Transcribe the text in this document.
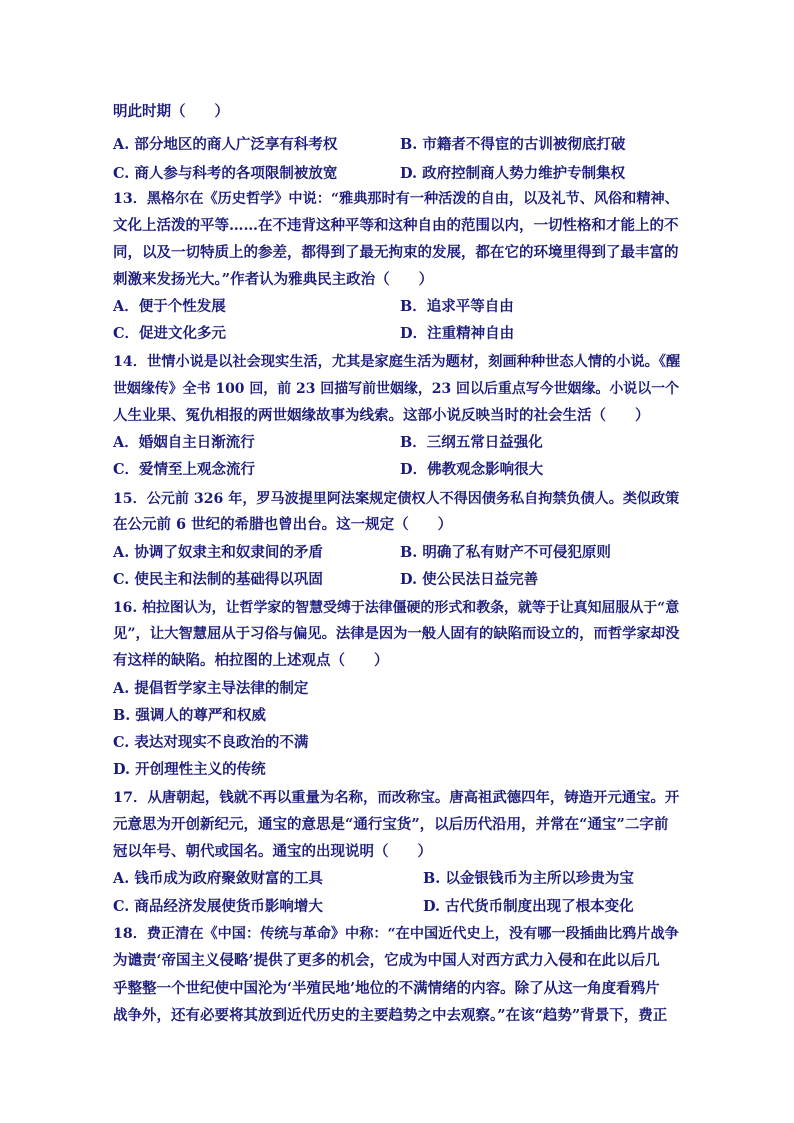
明此时期（　　）
A. 部分地区的商人广泛享有科考权	B. 市籍者不得宦的古训被彻底打破
C. 商人参与科考的各项限制被放宽	D. 政府控制商人势力维护专制集权
13．黑格尔在《历史哲学》中说：“雅典那时有一种活泼的自由，以及礼节、风俗和精神、
文化上活泼的平等……在不违背这种平等和这种自由的范围以内，一切性格和才能上的不
同，以及一切特质上的参差，都得到了最无拘束的发展，都在它的环境里得到了最丰富的
刺激来发扬光大。”作者认为雅典民主政治（　　）
A．便于个性发展	B．追求平等自由
C．促进文化多元	D．注重精神自由
14．世情小说是以社会现实生活，尤其是家庭生活为题材，刻画种种世态人情的小说。《醒
世姻缘传》全书 100 回，前 23 回描写前世姻缘，23 回以后重点写今世姻缘。小说以一个
人生业果、冤仇相报的两世姻缘故事为线索。这部小说反映当时的社会生活（　　）
A．婚姻自主日渐流行	B．三纲五常日益强化
C．爱情至上观念流行	D．佛教观念影响很大
15．公元前 326 年，罗马波提里阿法案规定债权人不得因债务私自拘禁负债人。类似政策
在公元前 6 世纪的希腊也曾出台。这一规定（　　）
A. 协调了奴隶主和奴隶间的矛盾	B. 明确了私有财产不可侵犯原则
C. 使民主和法制的基础得以巩固	D. 使公民法日益完善
16. 柏拉图认为，让哲学家的智慧受缚于法律僵硬的形式和教条，就等于让真知屈服从于“意
见”，让大智慧屈从于习俗与偏见。法律是因为一般人固有的缺陷而设立的，而哲学家却没
有这样的缺陷。柏拉图的上述观点（　　）
A. 提倡哲学家主导法律的制定
B. 强调人的尊严和权威
C. 表达对现实不良政治的不满
D. 开创理性主义的传统
17．从唐朝起，钱就不再以重量为名称，而改称宝。唐高祖武德四年，铸造开元通宝。开
元意思为开创新纪元，通宝的意思是“通行宝货”，以后历代沿用，并常在“通宝”二字前
冠以年号、朝代或国名。通宝的出现说明（　　）
A. 钱币成为政府聚敛财富的工具	B. 以金银钱币为主所以珍贵为宝
C. 商品经济发展使货币影响增大	D. 古代货币制度出现了根本变化
18．费正清在《中国：传统与革命》中称：“在中国近代史上，没有哪一段插曲比鸦片战争
为谴责‘帝国主义侵略’提供了更多的机会，它成为中国人对西方武力入侵和在此以后几
乎整整一个世纪使中国沦为‘半殖民地’地位的不满情绪的内容。除了从这一角度看鸦片
战争外，还有必要将其放到近代历史的主要趋势之中去观察。”在该“趋势”背景下，费正
